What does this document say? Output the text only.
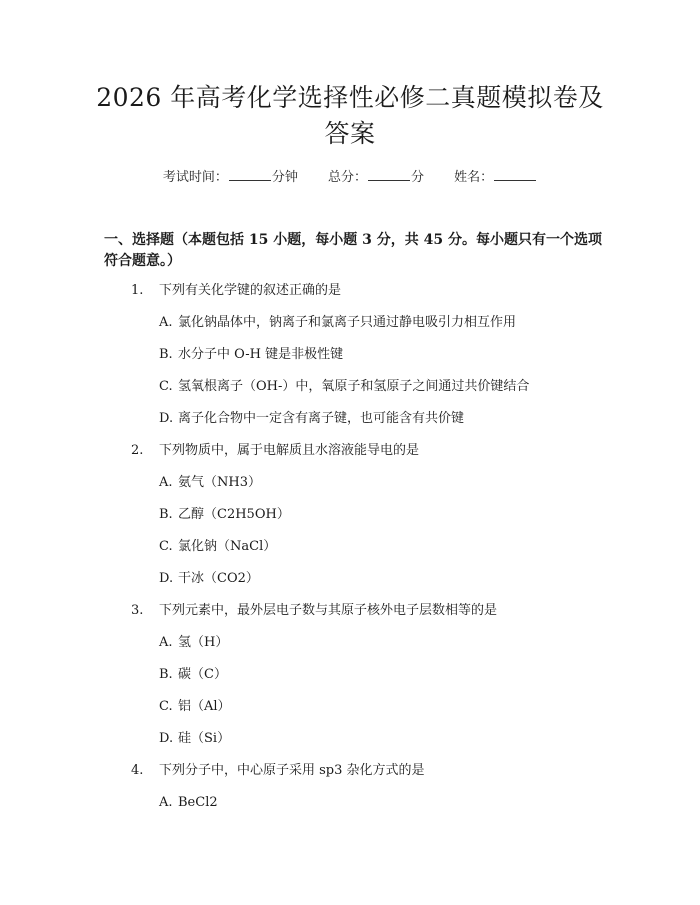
2026 年高考化学选择性必修二真题模拟卷及
答案
考试时间：	分钟 总分：	分 姓名：
一、选择题（本题包括 15 小题，每小题 3 分，共 45 分。每小题只有一个选项符合题意。）
1. 下列有关化学键的叙述正确的是
A. 氯化钠晶体中，钠离子和氯离子只通过静电吸引力相互作用
B. 水分子中 O-H 键是非极性键
C. 氢氧根离子（OH-）中，氧原子和氢原子之间通过共价键结合
D. 离子化合物中一定含有离子键，也可能含有共价键
2. 下列物质中，属于电解质且水溶液能导电的是
A. 氨气（NH3）
B. 乙醇（C2H5OH）
C. 氯化钠（NaCl）
D. 干冰（CO2）
3. 下列元素中，最外层电子数与其原子核外电子层数相等的是
A. 氢（H）
B. 碳（C）
C. 铝（Al）
D. 硅（Si）
4. 下列分子中，中心原子采用 sp3 杂化方式的是
A. BeCl2
